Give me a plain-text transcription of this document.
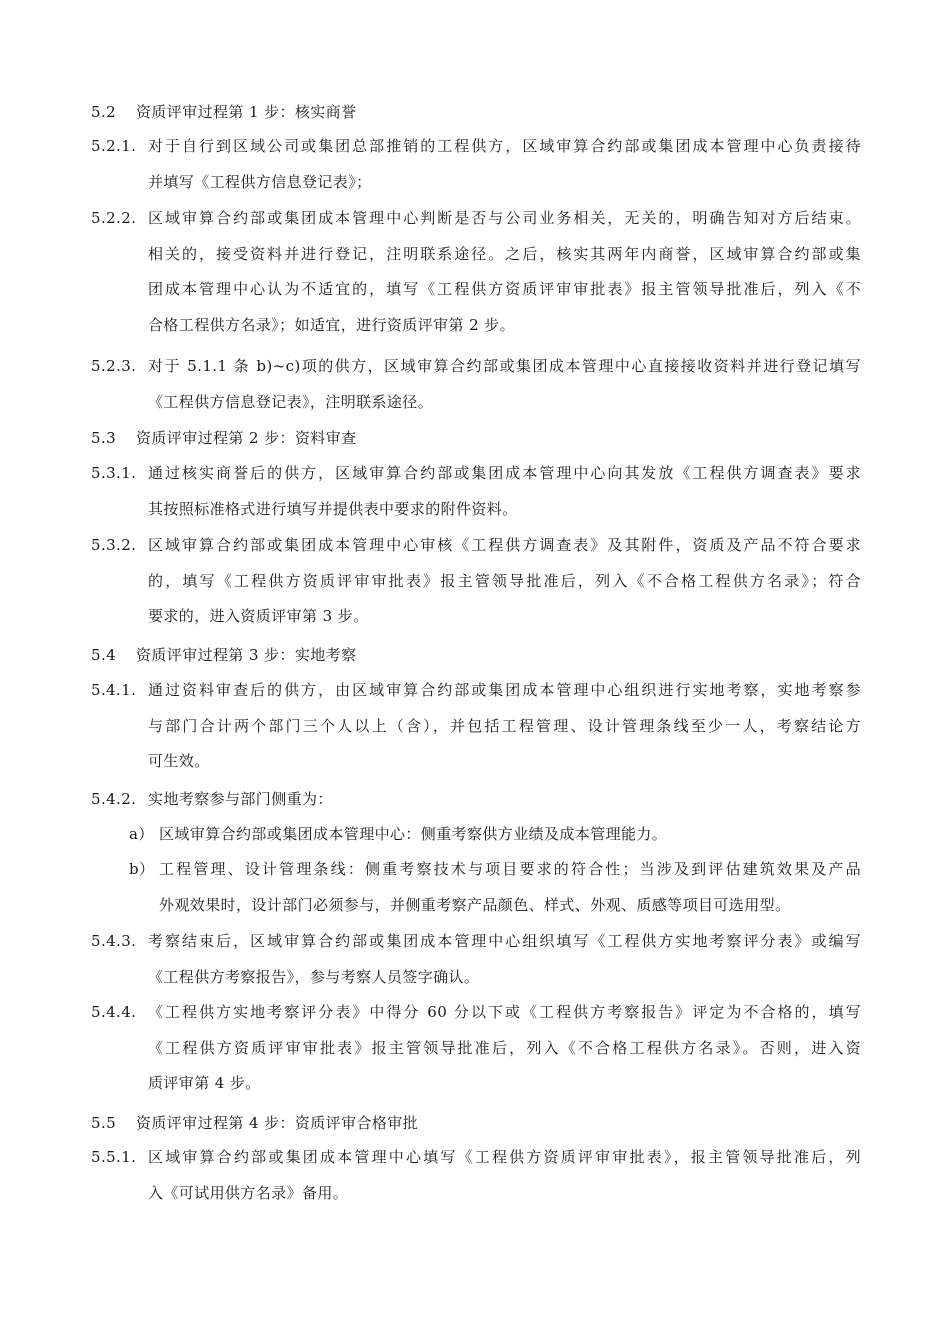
5.2 资质评审过程第 1 步：核实商誉
5.2.1. 对于自行到区域公司或集团总部推销的工程供方，区域审算合约部或集团成本管理中心负责接待
并填写《工程供方信息登记表》；
5.2.2. 区域审算合约部或集团成本管理中心判断是否与公司业务相关，无关的，明确告知对方后结束。
相关的，接受资料并进行登记，注明联系途径。之后，核实其两年内商誉，区域审算合约部或集
团成本管理中心认为不适宜的，填写《工程供方资质评审审批表》报主管领导批准后，列入《不
合格工程供方名录》；如适宜，进行资质评审第 2 步。
5.2.3. 对于 5.1.1 条 b)~c)项的供方，区域审算合约部或集团成本管理中心直接接收资料并进行登记填写
《工程供方信息登记表》，注明联系途径。
5.3 资质评审过程第 2 步：资料审查
5.3.1. 通过核实商誉后的供方，区域审算合约部或集团成本管理中心向其发放《工程供方调查表》要求
其按照标准格式进行填写并提供表中要求的附件资料。
5.3.2. 区域审算合约部或集团成本管理中心审核《工程供方调查表》及其附件，资质及产品不符合要求
的，填写《工程供方资质评审审批表》报主管领导批准后，列入《不合格工程供方名录》；符合
要求的，进入资质评审第 3 步。
5.4 资质评审过程第 3 步：实地考察
5.4.1. 通过资料审查后的供方，由区域审算合约部或集团成本管理中心组织进行实地考察，实地考察参
与部门合计两个部门三个人以上（含），并包括工程管理、设计管理条线至少一人，考察结论方
可生效。
5.4.2. 实地考察参与部门侧重为：
a） 区域审算合约部或集团成本管理中心：侧重考察供方业绩及成本管理能力。
b） 工程管理、设计管理条线：侧重考察技术与项目要求的符合性；当涉及到评估建筑效果及产品
外观效果时，设计部门必须参与，并侧重考察产品颜色、样式、外观、质感等项目可选用型。
5.4.3. 考察结束后，区域审算合约部或集团成本管理中心组织填写《工程供方实地考察评分表》或编写
《工程供方考察报告》，参与考察人员签字确认。
5.4.4. 《工程供方实地考察评分表》中得分 60 分以下或《工程供方考察报告》评定为不合格的，填写
《工程供方资质评审审批表》报主管领导批准后，列入《不合格工程供方名录》。否则，进入资
质评审第 4 步。
5.5 资质评审过程第 4 步：资质评审合格审批
5.5.1. 区域审算合约部或集团成本管理中心填写《工程供方资质评审审批表》，报主管领导批准后，列
入《可试用供方名录》备用。
